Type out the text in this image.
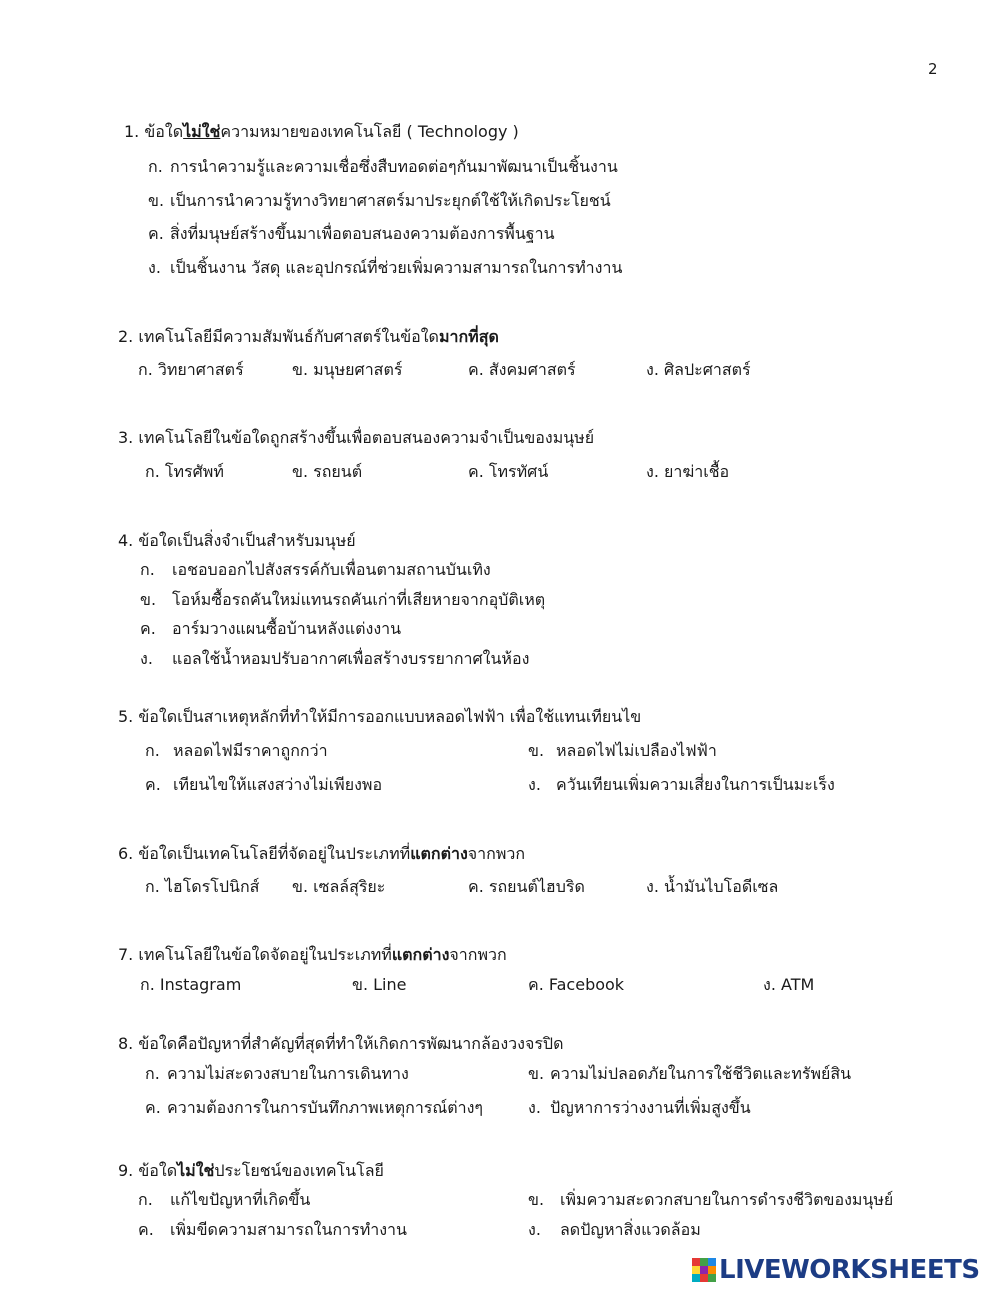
2
1. ข้อใดไม่ใช่ความหมายของเทคโนโลยี ( Technology )
ก. การนำความรู้และความเชื่อซึ่งสืบทอดต่อๆกันมาพัฒนาเป็นชิ้นงาน
ข. เป็นการนำความรู้ทางวิทยาศาสตร์มาประยุกต์ใช้ให้เกิดประโยชน์
ค. สิ่งที่มนุษย์สร้างขึ้นมาเพื่อตอบสนองความต้องการพื้นฐาน
ง. เป็นชิ้นงาน วัสดุ และอุปกรณ์ที่ช่วยเพิ่มความสามารถในการทำงาน
2. เทคโนโลยีมีความสัมพันธ์กับศาสตร์ในข้อใดมากที่สุด
ก. วิทยาศาสตร์	ข. มนุษยศาสตร์	ค. สังคมศาสตร์	ง. ศิลปะศาสตร์
3. เทคโนโลยีในข้อใดถูกสร้างขึ้นเพื่อตอบสนองความจำเป็นของมนุษย์
ก. โทรศัพท์	ข. รถยนต์	ค. โทรทัศน์	ง. ยาฆ่าเชื้อ
4. ข้อใดเป็นสิ่งจำเป็นสำหรับมนุษย์
ก. เอชอบออกไปสังสรรค์กับเพื่อนตามสถานบันเทิง
ข. โอห์มซื้อรถคันใหม่แทนรถคันเก่าที่เสียหายจากอุบัติเหตุ
ค. อาร์มวางแผนซื้อบ้านหลังแต่งงาน
ง. แอลใช้น้ำหอมปรับอากาศเพื่อสร้างบรรยากาศในห้อง
5. ข้อใดเป็นสาเหตุหลักที่ทำให้มีการออกแบบหลอดไฟฟ้า เพื่อใช้แทนเทียนไข
ก. หลอดไฟมีราคาถูกกว่า	ข. หลอดไฟไม่เปลืองไฟฟ้า
ค. เทียนไขให้แสงสว่างไม่เพียงพอ	ง. ควันเทียนเพิ่มความเสี่ยงในการเป็นมะเร็ง
6. ข้อใดเป็นเทคโนโลยีที่จัดอยู่ในประเภทที่แตกต่างจากพวก
ก. ไฮโดรโปนิกส์ ข. เซลล์สุริยะ	ค. รถยนต์ไฮบริด	ง. น้ำมันไบโอดีเซล
7. เทคโนโลยีในข้อใดจัดอยู่ในประเภทที่แตกต่างจากพวก
ก. Instagram	ข. Line	ค. Facebook	ง. ATM
8. ข้อใดคือปัญหาที่สำคัญที่สุดที่ทำให้เกิดการพัฒนากล้องวงจรปิด
ก. ความไม่สะดวงสบายในการเดินทาง	ข. ความไม่ปลอดภัยในการใช้ชีวิตและทรัพย์สิน
ค. ความต้องการในการบันทึกภาพเหตุการณ์ต่างๆ	ง. ปัญหาการว่างงานที่เพิ่มสูงขึ้น
9. ข้อใดไม่ใช่ประโยชน์ของเทคโนโลยี
ก. แก้ไขปัญหาที่เกิดขึ้น	ข. เพิ่มความสะดวกสบายในการดำรงชีวิตของมนุษย์
ค. เพิ่มขีดความสามารถในการทำงาน	ง. ลดปัญหาสิ่งแวดล้อม
LIVEWORKSHEETS
